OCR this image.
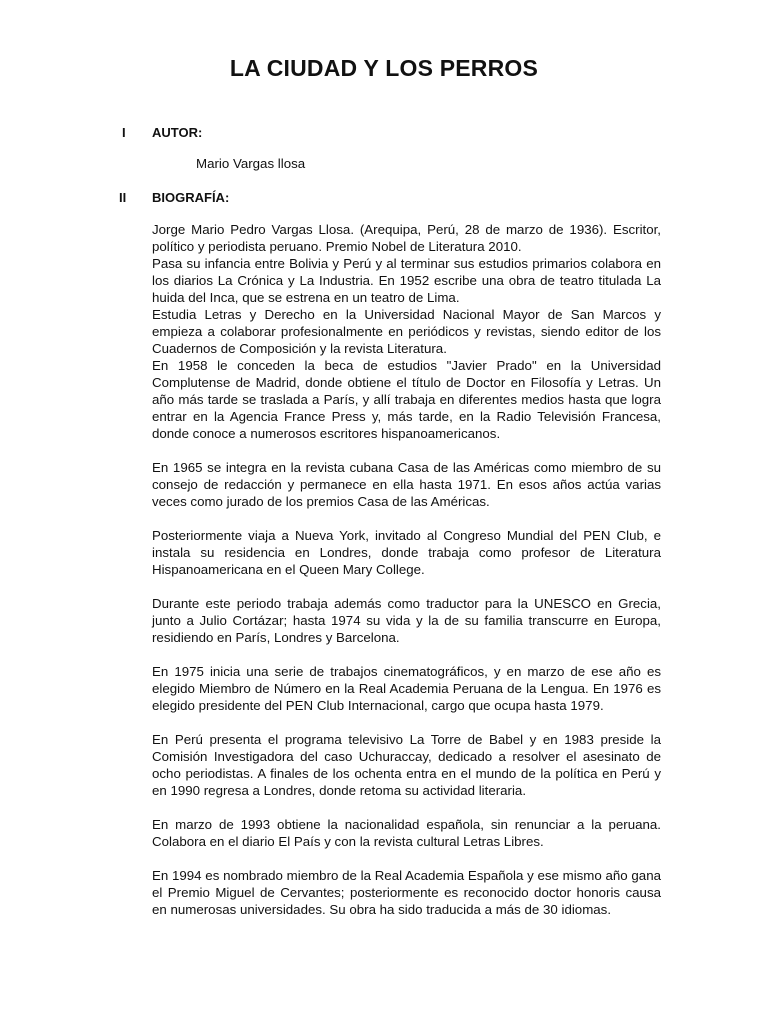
LA CIUDAD Y LOS PERROS
I AUTOR:
Mario Vargas llosa
II BIOGRAFÍA:

Jorge Mario Pedro Vargas Llosa. (Arequipa, Perú, 28 de marzo de 1936). Escritor, político y periodista peruano. Premio Nobel de Literatura 2010.

Pasa su infancia entre Bolivia y Perú y al terminar sus estudios primarios colabora en los diarios La Crónica y La Industria. En 1952 escribe una obra de teatro titulada La huida del Inca, que se estrena en un teatro de Lima.

Estudia Letras y Derecho en la Universidad Nacional Mayor de San Marcos y empieza a colaborar profesionalmente en periódicos y revistas, siendo editor de los Cuadernos de Composición y la revista Literatura.

En 1958 le conceden la beca de estudios "Javier Prado" en la Universidad Complutense de Madrid, donde obtiene el título de Doctor en Filosofía y Letras. Un año más tarde se traslada a París, y allí trabaja en diferentes medios hasta que logra entrar en la Agencia France Press y, más tarde, en la Radio Televisión Francesa, donde conoce a numerosos escritores hispanoamericanos.

En 1965 se integra en la revista cubana Casa de las Américas como miembro de su consejo de redacción y permanece en ella hasta 1971. En esos años actúa varias veces como jurado de los premios Casa de las Américas.

Posteriormente viaja a Nueva York, invitado al Congreso Mundial del PEN Club, e instala su residencia en Londres, donde trabaja como profesor de Literatura Hispanoamericana en el Queen Mary College.

Durante este periodo trabaja además como traductor para la UNESCO en Grecia, junto a Julio Cortázar; hasta 1974 su vida y la de su familia transcurre en Europa, residiendo en París, Londres y Barcelona.

En 1975 inicia una serie de trabajos cinematográficos, y en marzo de ese año es elegido Miembro de Número en la Real Academia Peruana de la Lengua. En 1976 es elegido presidente del PEN Club Internacional, cargo que ocupa hasta 1979.

En Perú presenta el programa televisivo La Torre de Babel y en 1983 preside la Comisión Investigadora del caso Uchuraccay, dedicado a resolver el asesinato de ocho periodistas. A finales de los ochenta entra en el mundo de la política en Perú y en 1990 regresa a Londres, donde retoma su actividad literaria.

En marzo de 1993 obtiene la nacionalidad española, sin renunciar a la peruana. Colabora en el diario El País y con la revista cultural Letras Libres.

En 1994 es nombrado miembro de la Real Academia Española y ese mismo año gana el Premio Miguel de Cervantes; posteriormente es reconocido doctor honoris causa en numerosas universidades. Su obra ha sido traducida a más de 30 idiomas.
